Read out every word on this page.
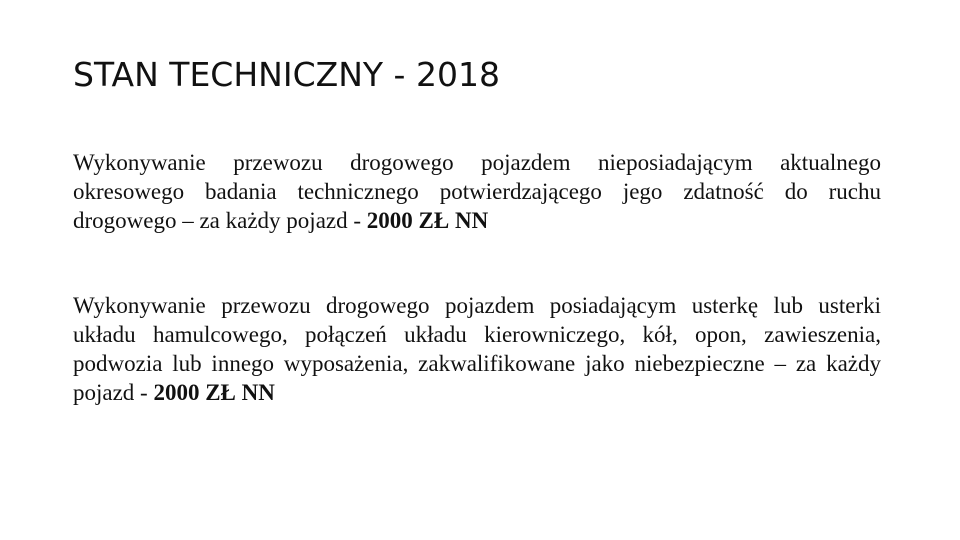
STAN TECHNICZNY - 2018

Wykonywanie przewozu drogowego pojazdem nieposiadającym aktualnego okresowego badania technicznego potwierdzającego jego zdatność do ruchu drogowego – za każdy pojazd - 2000 ZŁ NN

Wykonywanie przewozu drogowego pojazdem posiadającym usterkę lub usterki układu hamulcowego, połączeń układu kierowniczego, kół, opon, zawieszenia, podwozia lub innego wyposażenia, zakwalifikowane jako niebezpieczne – za każdy pojazd - 2000 ZŁ NN
